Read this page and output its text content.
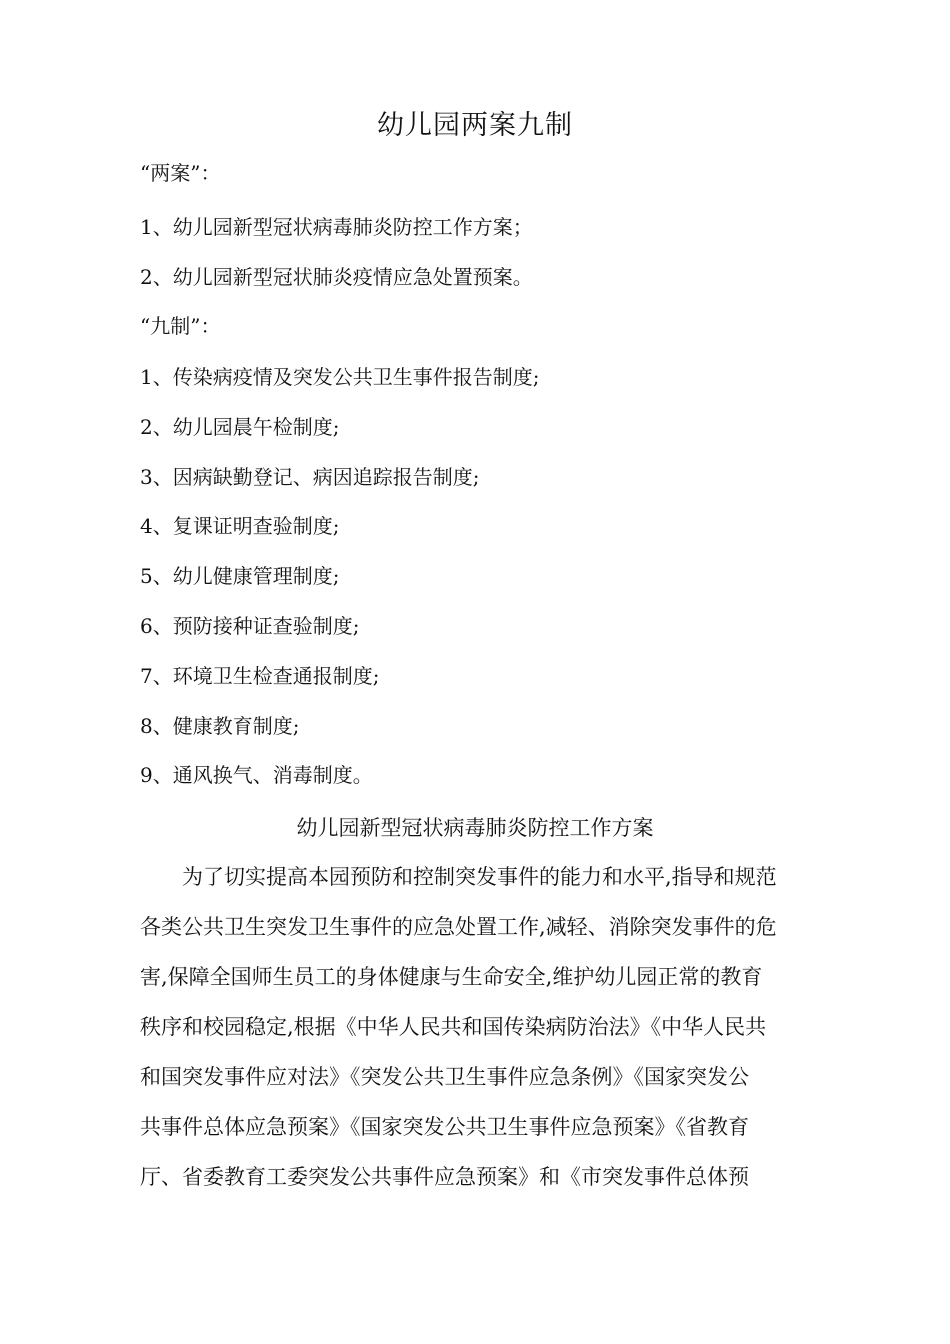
幼儿园两案九制
“两案”：
1、幼儿园新型冠状病毒肺炎防控工作方案；
2、幼儿园新型冠状肺炎疫情应急处置预案。
“九制”：
1、传染病疫情及突发公共卫生事件报告制度;
2、幼儿园晨午检制度;
3、因病缺勤登记、病因追踪报告制度;
4、复课证明查验制度;
5、幼儿健康管理制度;
6、预防接种证查验制度;
7、环境卫生检查通报制度;
8、健康教育制度;
9、通风换气、消毒制度。
幼儿园新型冠状病毒肺炎防控工作方案
　　为了切实提高本园预防和控制突发事件的能力和水平,指导和规范
各类公共卫生突发卫生事件的应急处置工作,减轻、消除突发事件的危
害,保障全国师生员工的身体健康与生命安全,维护幼儿园正常的教育
秩序和校园稳定,根据《中华人民共和国传染病防治法》《中华人民共
和国突发事件应对法》《突发公共卫生事件应急条例》《国家突发公
共事件总体应急预案》《国家突发公共卫生事件应急预案》《省教育
厅、省委教育工委突发公共事件应急预案》和《市突发事件总体预
